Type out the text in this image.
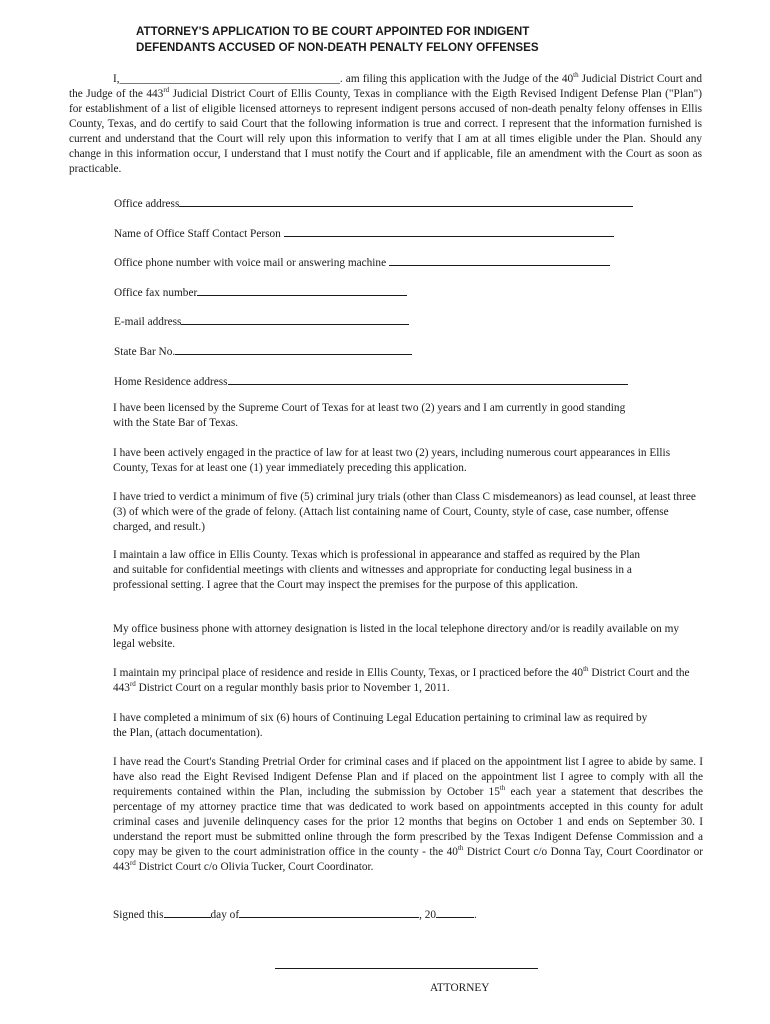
ATTORNEY'S APPLICATION TO BE COURT APPOINTED FOR INDIGENT
DEFENDANTS ACCUSED OF NON-DEATH PENALTY FELONY OFFENSES
I,_______________________________________. am filing this application with the Judge of the 40th Judicial District Court and the Judge of the 443rd Judicial District Court of Ellis County, Texas in compliance with the Eigth Revised Indigent Defense Plan ("Plan") for establishment of a list of eligible licensed attorneys to represent indigent persons accused of non-death penalty felony offenses in Ellis County, Texas, and do certify to said Court that the following information is true and correct. I represent that the information furnished is current and understand that the Court will rely upon this information to verify that I am at all times eligible under the Plan. Should any change in this information occur, I understand that I must notify the Court and if applicable, file an amendment with the Court as soon as practicable.
Office address
Name of Office Staff Contact Person
Office phone number with voice mail or answering machine
Office fax number
E-mail address
State Bar No.
Home Residence address
I have been licensed by the Supreme Court of Texas for at least two (2) years and I am currently in good standing with the State Bar of Texas.
I have been actively engaged in the practice of law for at least two (2) years, including numerous court appearances in Ellis County, Texas for at least one (1) year immediately preceding this application.
I have tried to verdict a minimum of five (5) criminal jury trials (other than Class C misdemeanors) as lead counsel, at least three (3) of which were of the grade of felony. (Attach list containing name of Court, County, style of case, case number, offense charged, and result.)
I maintain a law office in Ellis County. Texas which is professional in appearance and staffed as required by the Plan and suitable for confidential meetings with clients and witnesses and appropriate for conducting legal business in a professional setting. I agree that the Court may inspect the premises for the purpose of this application.
My office business phone with attorney designation is listed in the local telephone directory and/or is readily available on my legal website.
I maintain my principal place of residence and reside in Ellis County, Texas, or I practiced before the 40th District Court and the 443rd District Court on a regular monthly basis prior to November 1, 2011.
I have completed a minimum of six (6) hours of Continuing Legal Education pertaining to criminal law as required by the Plan, (attach documentation).
I have read the Court's Standing Pretrial Order for criminal cases and if placed on the appointment list I agree to abide by same. I have also read the Eight Revised Indigent Defense Plan and if placed on the appointment list I agree to comply with all the requirements contained within the Plan, including the submission by October 15th each year a statement that describes the percentage of my attorney practice time that was dedicated to work based on appointments accepted in this county for adult criminal cases and juvenile delinquency cases for the prior 12 months that begins on October 1 and ends on September 30. I understand the report must be submitted online through the form prescribed by the Texas Indigent Defense Commission and a copy may be given to the court administration office in the county - the 40th District Court c/o Donna Tay, Court Coordinator or 443rd District Court c/o Olivia Tucker, Court Coordinator.
Signed this	day of	, 20	.
ATTORNEY
